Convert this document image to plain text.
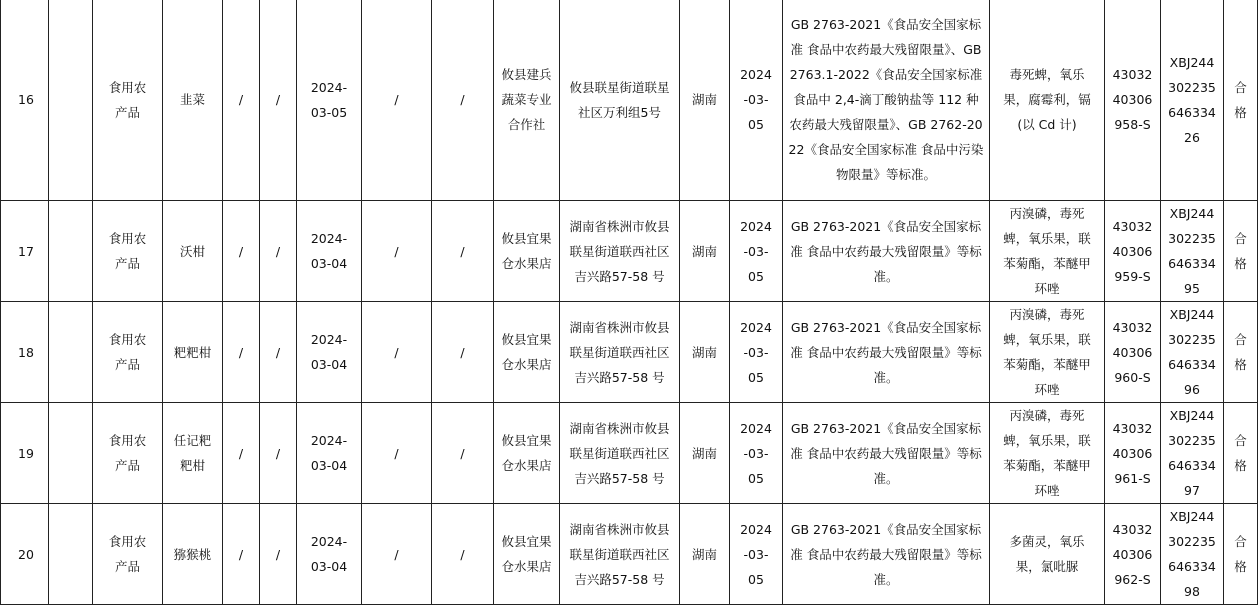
16		食用农产品	韭菜	/	/	2024-03-05	/	/	攸县建兵蔬菜专业合作社	攸县联星街道联星社区万利组5号	湖南	2024-03-05	GB 2763-2021《食品安全国家标准 食品中农药最大残留限量》、GB 2763.1-2022《食品安全国家标准 食品中 2,4-滴丁酸钠盐等 112 种农药最大残留限量》、GB 2762-2022《食品安全国家标准 食品中污染物限量》等标准。	毒死蜱，氧乐果，腐霉利，镉(以 Cd 计)	4303240306958-S	XBJ24430223564633426	合格

17		食用农产品	沃柑	/	/	2024-03-04	/	/	攸县宜果仓水果店	湖南省株洲市攸县联星街道联西社区吉兴路57-58 号	湖南	2024-03-05	GB 2763-2021《食品安全国家标准 食品中农药最大残留限量》等标准。	丙溴磷，毒死蜱，氧乐果，联苯菊酯，苯醚甲环唑	4303240306959-S	XBJ24430223564633495	合格

18		食用农产品	粑粑柑	/	/	2024-03-04	/	/	攸县宜果仓水果店	湖南省株洲市攸县联星街道联西社区吉兴路57-58 号	湖南	2024-03-05	GB 2763-2021《食品安全国家标准 食品中农药最大残留限量》等标准。	丙溴磷，毒死蜱，氧乐果，联苯菊酯，苯醚甲环唑	4303240306960-S	XBJ24430223564633496	合格

19		食用农产品	任记粑粑柑	/	/	2024-03-04	/	/	攸县宜果仓水果店	湖南省株洲市攸县联星街道联西社区吉兴路57-58 号	湖南	2024-03-05	GB 2763-2021《食品安全国家标准 食品中农药最大残留限量》等标准。	丙溴磷，毒死蜱，氧乐果，联苯菊酯，苯醚甲环唑	4303240306961-S	XBJ24430223564633497	合格

20		食用农产品	猕猴桃	/	/	2024-03-04	/	/	攸县宜果仓水果店	湖南省株洲市攸县联星街道联西社区吉兴路57-58 号	湖南	2024-03-05	GB 2763-2021《食品安全国家标准 食品中农药最大残留限量》等标准。	多菌灵，氧乐果，氯吡脲	4303240306962-S	XBJ24430223564633498	合格
